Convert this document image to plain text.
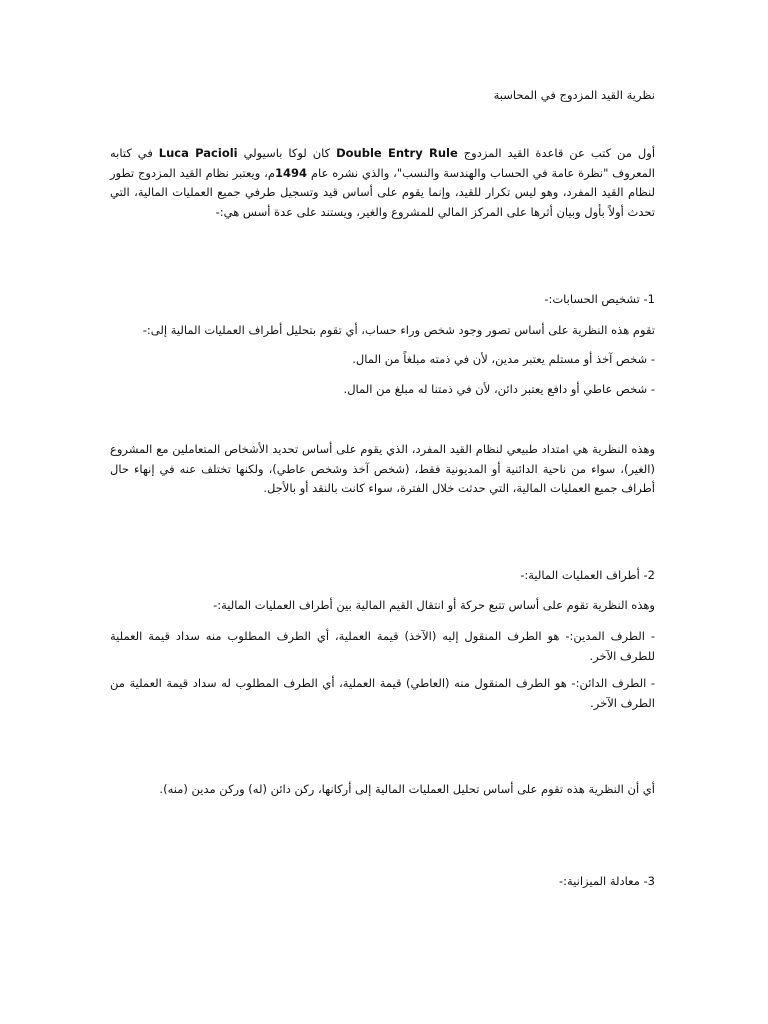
نظرية القيد المزدوج في المحاسبة

أول من كتب عن قاعدة القيد المزدوج Double Entry Rule كان لوكا باسيولي Luca Pacioli في كتابه المعروف "نظرة عامة في الحساب والهندسة والنسب"، والذي نشره عام 1494م، ويعتبر نظام القيد المزدوج تطور لنظام القيد المفرد، وهو ليس تكرار للقيد، وإنما يقوم على أساس قيد وتسجيل طرفي جميع العمليات المالية، التي تحدث أولاً بأول وبيان أثرها على المركز المالي للمشروع والغير، ويستند على عدة أسس هي:-

1- تشخيص الحسابات:-

تقوم هذه النظرية على أساس تصور وجود شخص وراء حساب، أي تقوم بتحليل أطراف العمليات المالية إلى:-

- شخص آخذ أو مستلم يعتبر مدين، لأن في ذمته مبلغاً من المال.

- شخص عاطي أو دافع يعتبر دائن، لأن في ذمتنا له مبلغ من المال.

وهذه النظرية هي امتداد طبيعي لنظام القيد المفرد، الذي يقوم على أساس تحديد الأشخاص المتعاملين مع المشروع (الغير)، سواء من ناحية الدائنية أو المديونية فقط، (شخص آخذ وشخص عاطي)، ولكنها تختلف عنه في إنهاء حال أطراف جميع العمليات المالية، التي حدثت خلال الفترة، سواء كانت بالنقد أو بالأجل.

2- أطراف العمليات المالية:-

وهذه النظرية تقوم على أساس تتبع حركة أو انتقال القيم المالية بين أطراف العمليات المالية:-

- الطرف المدين:- هو الطرف المنقول إليه (الآخذ) قيمة العملية، أي الطرف المطلوب منه سداد قيمة العملية للطرف الآخر.

- الطرف الدائن:- هو الطرف المنقول منه (العاطي) قيمة العملية، أي الطرف المطلوب له سداد قيمة العملية من الطرف الآخر.

أي أن النظرية هذه تقوم على أساس تحليل العمليات المالية إلى أركانها، ركن دائن (له) وركن مدين (منه).

3- معادلة الميزانية:-
